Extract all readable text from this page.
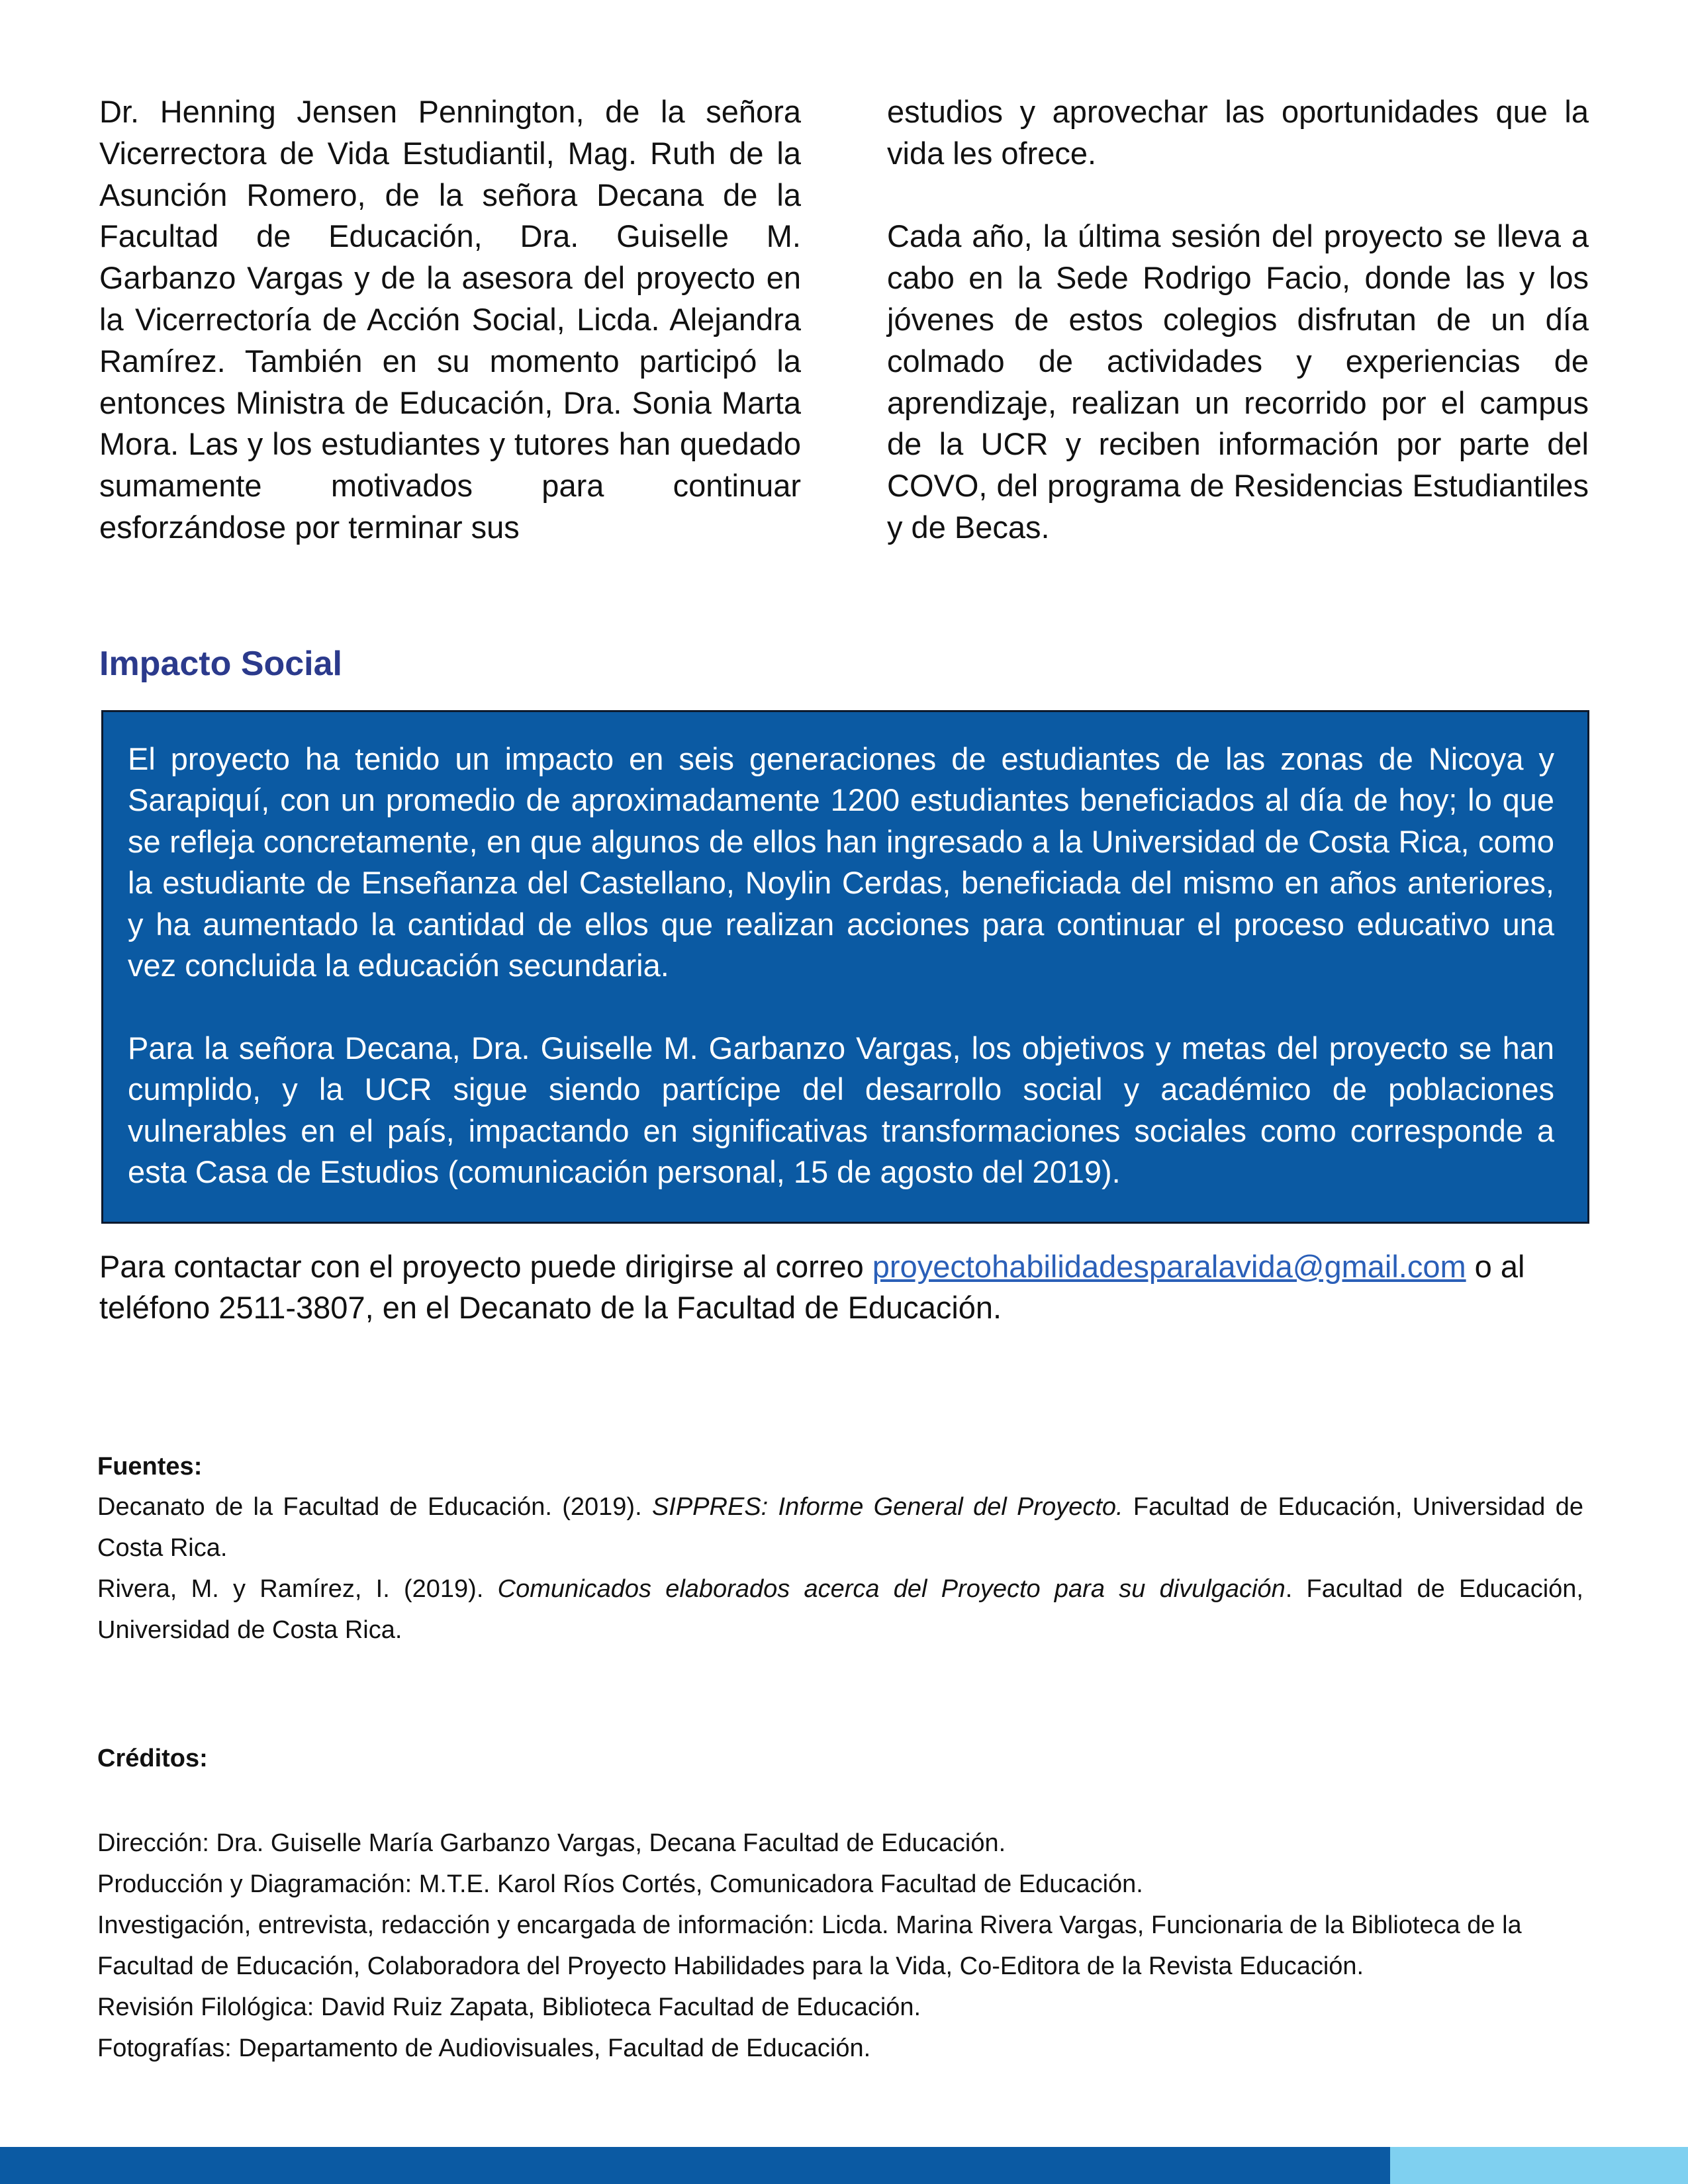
Dr. Henning Jensen Pennington, de la señora Vicerrectora de Vida Estudiantil, Mag. Ruth de la Asunción Romero, de la señora Decana de la Facultad de Educación, Dra. Guiselle M. Garbanzo Vargas y de la asesora del proyecto en la Vicerrectoría de Acción Social, Licda. Alejandra Ramírez. También en su momento participó la entonces Ministra de Educación, Dra. Sonia Marta Mora. Las y los estudiantes y tutores han quedado sumamente motivados para continuar esforzándose por terminar sus

estudios y aprovechar las oportunidades que la vida les ofrece.

Cada año, la última sesión del proyecto se lleva a cabo en la Sede Rodrigo Facio, donde las y los jóvenes de estos colegios disfrutan de un día colmado de actividades y experiencias de aprendizaje, realizan un recorrido por el campus de la UCR y reciben información por parte del COVO, del programa de Residencias Estudiantiles y de Becas.

Impacto Social

El proyecto ha tenido un impacto en seis generaciones de estudiantes de las zonas de Nicoya y Sarapiquí, con un promedio de aproximadamente 1200 estudiantes beneficiados al día de hoy; lo que se refleja concretamente, en que algunos de ellos han ingresado a la Universidad de Costa Rica, como la estudiante de Enseñanza del Castellano, Noylin Cerdas, beneficiada del mismo en años anteriores, y ha aumentado la cantidad de ellos que realizan acciones para continuar el proceso educativo una vez concluida la educación secundaria.

Para la señora Decana, Dra. Guiselle M. Garbanzo Vargas, los objetivos y metas del proyecto se han cumplido, y la UCR sigue siendo partícipe del desarrollo social y académico de poblaciones vulnerables en el país, impactando en significativas transformaciones sociales como corresponde a esta Casa de Estudios (comunicación personal, 15 de agosto del 2019).

Para contactar con el proyecto puede dirigirse al correo proyectohabilidadesparalavida@gmail.com o al teléfono 2511-3807, en el Decanato de la Facultad de Educación.

Fuentes:

Decanato de la Facultad de Educación. (2019). SIPPRES: Informe General del Proyecto. Facultad de Educación, Universidad de Costa Rica.

Rivera, M. y Ramírez, I. (2019). Comunicados elaborados acerca del Proyecto para su divulgación. Facultad de Educación, Universidad de Costa Rica.

Créditos:

Dirección: Dra. Guiselle María Garbanzo Vargas, Decana Facultad de Educación.

Producción y Diagramación: M.T.E. Karol Ríos Cortés, Comunicadora Facultad de Educación.

Investigación, entrevista, redacción y encargada de información: Licda. Marina Rivera Vargas, Funcionaria de la Biblioteca de la Facultad de Educación, Colaboradora del Proyecto Habilidades para la Vida, Co-Editora de la Revista Educación.

Revisión Filológica: David Ruiz Zapata, Biblioteca Facultad de Educación.

Fotografías: Departamento de Audiovisuales, Facultad de Educación.
